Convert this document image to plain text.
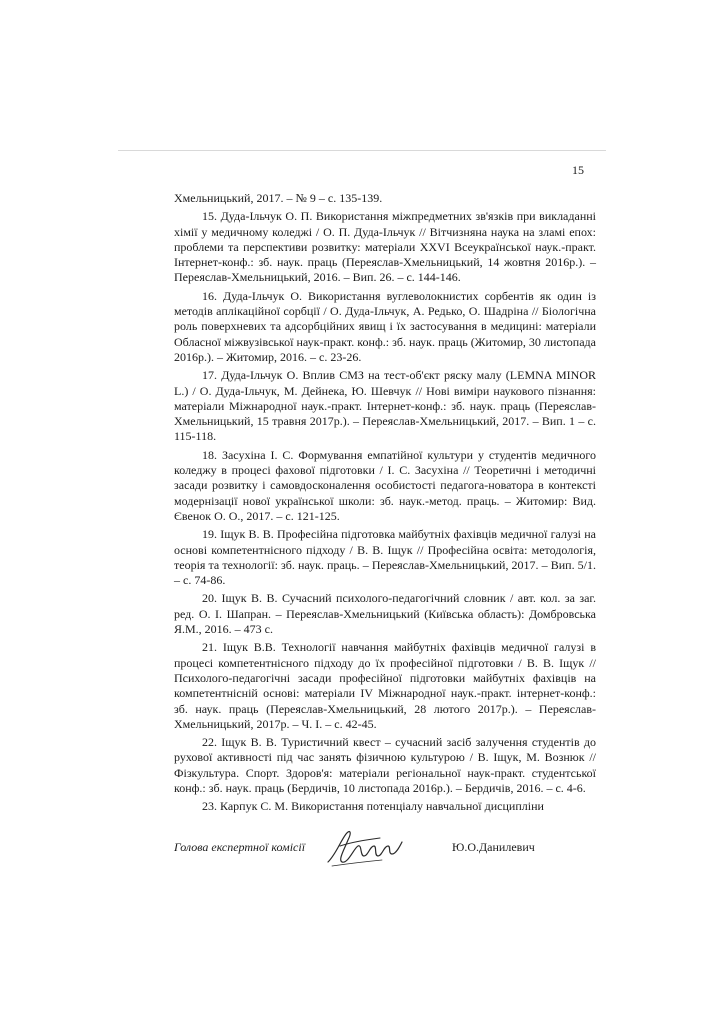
15

Хмельницький, 2017. – № 9 – с. 135-139.

15. Дуда-Ільчук О. П. Використання міжпредметних зв'язків при викладанні хімії у медичному коледжі / О. П. Дуда-Ільчук // Вітчизняна наука на зламі епох: проблеми та перспективи розвитку: матеріали XXVI Всеукраїнської наук.-практ. Інтернет-конф.: зб. наук. праць (Переяслав-Хмельницький, 14 жовтня 2016р.). – Переяслав-Хмельницький, 2016. – Вип. 26. – с. 144-146.

16. Дуда-Ільчук О. Використання вуглеволокнистих сорбентів як один із методів аплікаційної сорбції / О. Дуда-Ільчук, А. Редько, О. Шадріна // Біологічна роль поверхневих та адсорбційних явищ і їх застосування в медицині: матеріали Обласної міжвузівської наук-практ. конф.: зб. наук. праць (Житомир, 30 листопада 2016р.). – Житомир, 2016. – с. 23-26.

17. Дуда-Ільчук О. Вплив СМЗ на тест-об'єкт ряску малу (LEMNA MINOR L.) / О. Дуда-Ільчук, М. Дейнека, Ю. Шевчук // Нові виміри наукового пізнання: матеріали Міжнародної наук.-практ. Інтернет-конф.: зб. наук. праць (Переяслав-Хмельницький, 15 травня 2017р.). – Переяслав-Хмельницький, 2017. – Вип. 1 – с. 115-118.

18. Засухіна І. С. Формування емпатійної культури у студентів медичного коледжу в процесі фахової підготовки / І. С. Засухіна // Теоретичні і методичні засади розвитку і самовдосконалення особистості педагога-новатора в контексті модернізації нової української школи: зб. наук.-метод. праць. – Житомир: Вид. Євенок О. О., 2017. – с. 121-125.

19. Іщук В. В. Професійна підготовка майбутніх фахівців медичної галузі на основі компетентнісного підходу / В. В. Іщук // Професійна освіта: методологія, теорія та технології: зб. наук. праць. – Переяслав-Хмельницький, 2017. – Вип. 5/1. – с. 74-86.

20. Іщук В. В. Сучасний психолого-педагогічний словник / авт. кол. за заг. ред. О. І. Шапран. – Переяслав-Хмельницький (Київська область): Домбровська Я.М., 2016. – 473 с.

21. Іщук В.В. Технології навчання майбутніх фахівців медичної галузі в процесі компетентнісного підходу до їх професійної підготовки / В. В. Іщук // Психолого-педагогічні засади професійної підготовки майбутніх фахівців на компетентнісній основі: матеріали IV Міжнародної наук.-практ. інтернет-конф.: зб. наук. праць (Переяслав-Хмельницький, 28 лютого 2017р.). – Переяслав-Хмельницький, 2017р. – Ч. І. – с. 42-45.

22. Іщук В. В. Туристичний квест – сучасний засіб залучення студентів до рухової активності під час занять фізичною культурою / В. Іщук, М. Вознюк // Фізкультура. Спорт. Здоров'я: матеріали регіональної наук-практ. студентської конф.: зб. наук. праць (Бердичів, 10 листопада 2016р.). – Бердичів, 2016. – с. 4-6.

23. Карпук С. М. Використання потенціалу навчальної дисципліни

Голова експертної комісії	Ю.О.Данилевич
